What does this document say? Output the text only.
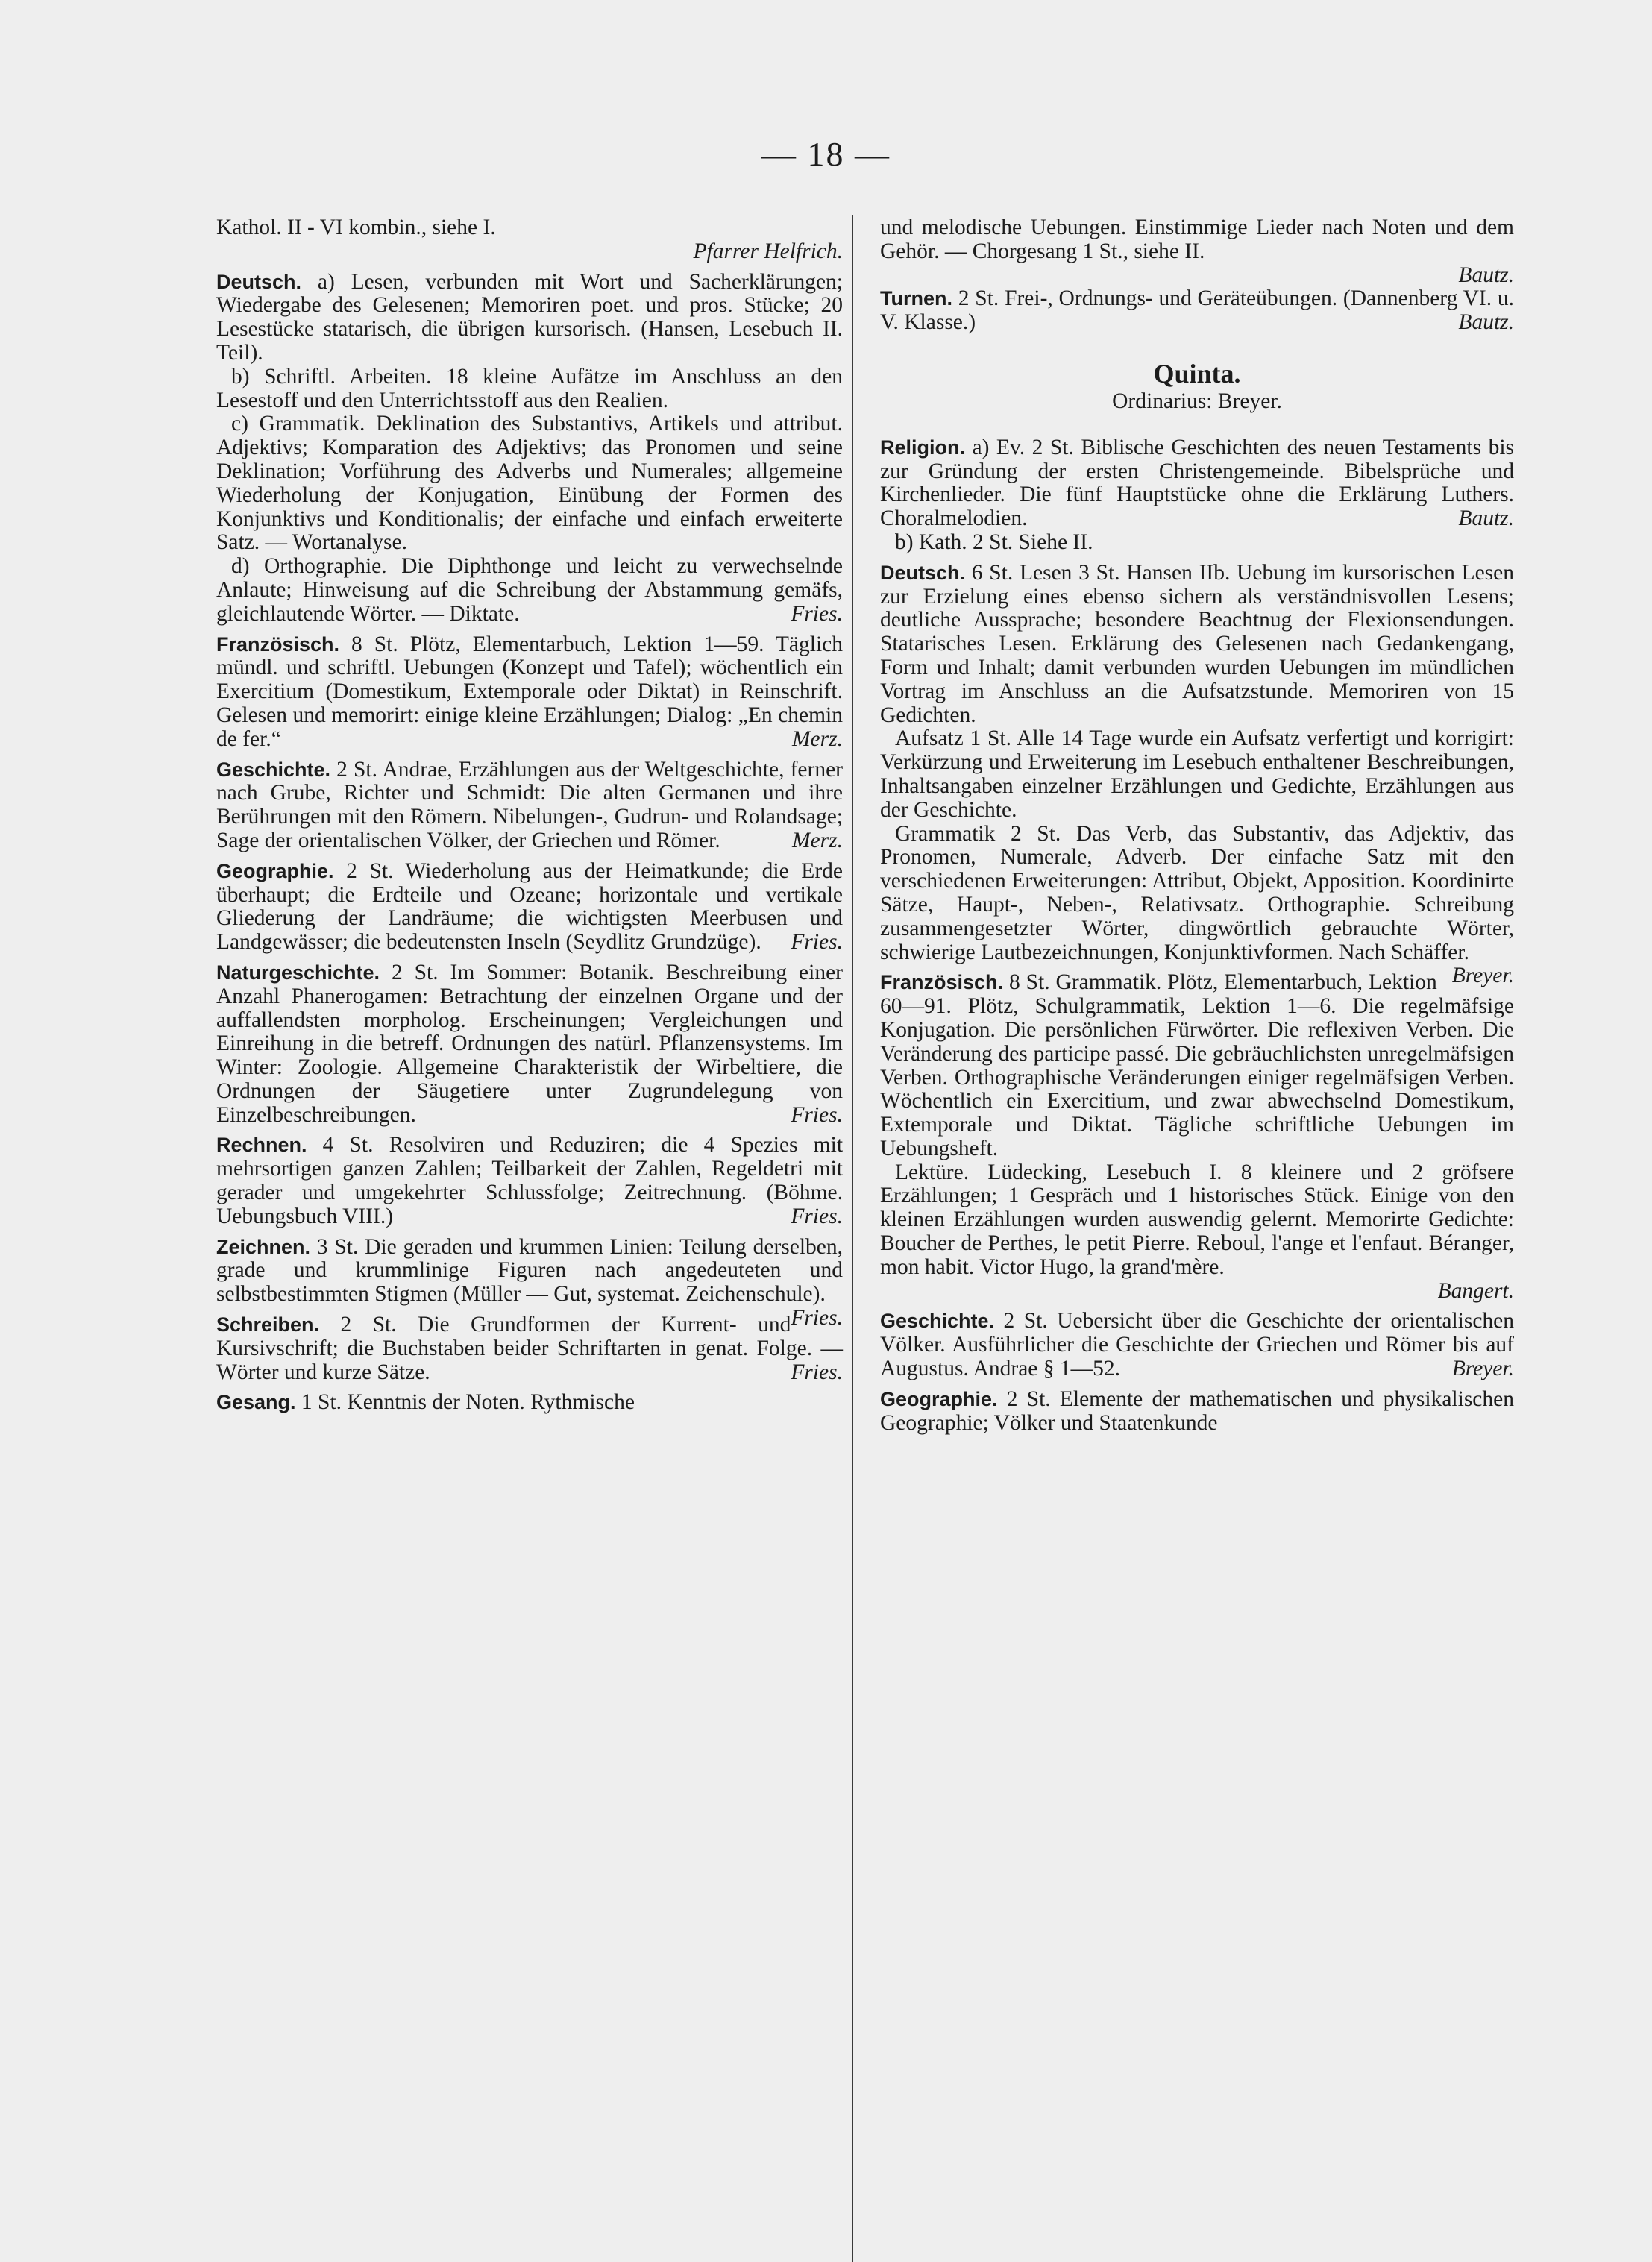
— 18 —

Kathol. II - VI kombin., siehe I.

Pfarrer Helfrich.

Deutsch. a) Lesen, verbunden mit Wort und Sacherklärungen; Wiedergabe des Gelesenen; Memoriren poet. und pros. Stücke; 20 Lesestücke statarisch, die übrigen kursorisch. (Hansen, Lesebuch II. Teil).

b) Schriftl. Arbeiten. 18 kleine Aufätze im Anschluss an den Lesestoff und den Unterrichtsstoff aus den Realien.

c) Grammatik. Deklination des Substantivs, Artikels und attribut. Adjektivs; Komparation des Adjektivs; das Pronomen und seine Deklination; Vorführung des Adverbs und Numerales; allgemeine Wiederholung der Konjugation, Einübung der Formen des Konjunktivs und Konditionalis; der einfache und einfach erweiterte Satz. — Wortanalyse.

d) Orthographie. Die Diphthonge und leicht zu verwechselnde Anlaute; Hinweisung auf die Schreibung der Abstammung gemäfs, gleichlautende Wörter. — Diktate.	Fries.

Französisch. 8 St. Plötz, Elementarbuch, Lektion 1—59. Täglich mündl. und schriftl. Uebungen (Konzept und Tafel); wöchentlich ein Exercitium (Domestikum, Extemporale oder Diktat) in Reinschrift. Gelesen und memorirt: einige kleine Erzählungen; Dialog: „En chemin de fer.“	Merz.

Geschichte. 2 St. Andrae, Erzählungen aus der Weltgeschichte, ferner nach Grube, Richter und Schmidt: Die alten Germanen und ihre Berührungen mit den Römern. Nibelungen-, Gudrun- und Rolandsage; Sage der orientalischen Völker, der Griechen und Römer.	Merz.

Geographie. 2 St. Wiederholung aus der Heimatkunde; die Erde überhaupt; die Erdteile und Ozeane; horizontale und vertikale Gliederung der Landräume; die wichtigsten Meerbusen und Landgewässer; die bedeutensten Inseln (Seydlitz Grundzüge). Fries.

Naturgeschichte. 2 St. Im Sommer: Botanik. Beschreibung einer Anzahl Phanerogamen: Betrachtung der einzelnen Organe und der auffallendsten morpholog. Erscheinungen; Vergleichungen und Einreihung in die betreff. Ordnungen des natürl. Pflanzensystems. Im Winter: Zoologie. Allgemeine Charakteristik der Wirbeltiere, die Ordnungen der Säugetiere unter Zugrundelegung von Einzelbeschreibungen.	Fries.

Rechnen. 4 St. Resolviren und Reduziren; die 4 Spezies mit mehrsortigen ganzen Zahlen; Teilbarkeit der Zahlen, Regeldetri mit gerader und umgekehrter Schlussfolge; Zeitrechnung. (Böhme. Uebungsbuch VIII.)	Fries.

Zeichnen. 3 St. Die geraden und krummen Linien: Teilung derselben, grade und krummlinige Figuren nach angedeuteten und selbstbestimmten Stigmen (Müller — Gut, systemat. Zeichenschule).
Fries.

Schreiben. 2 St. Die Grundformen der Kurrent- und Kursivschrift; die Buchstaben beider Schriftarten in genat. Folge. — Wörter und kurze Sätze.	Fries.

Gesang. 1 St. Kenntnis der Noten. Rythmische

und melodische Uebungen. Einstimmige Lieder nach Noten und dem Gehör. — Chorgesang 1 St., siehe II.

Bautz.

Turnen. 2 St. Frei-, Ordnungs- und Geräteübungen. (Dannenberg VI. u. V. Klasse.)	Bautz.

Quinta.
Ordinarius: Breyer.

Religion. a) Ev. 2 St. Biblische Geschichten des neuen Testaments bis zur Gründung der ersten Christengemeinde. Bibelsprüche und Kirchenlieder. Die fünf Hauptstücke ohne die Erklärung Luthers. Choralmelodien.	Bautz.

b) Kath. 2 St. Siehe II.

Deutsch. 6 St. Lesen 3 St. Hansen IIb. Uebung im kursorischen Lesen zur Erzielung eines ebenso sichern als verständnisvollen Lesens; deutliche Aussprache; besondere Beachtnug der Flexionsendungen. Statarisches Lesen. Erklärung des Gelesenen nach Gedankengang, Form und Inhalt; damit verbunden wurden Uebungen im mündlichen Vortrag im Anschluss an die Aufsatzstunde. Memoriren von 15 Gedichten.

Aufsatz 1 St. Alle 14 Tage wurde ein Aufsatz verfertigt und korrigirt: Verkürzung und Erweiterung im Lesebuch enthaltener Beschreibungen, Inhaltsangaben einzelner Erzählungen und Gedichte, Erzählungen aus der Geschichte.

Grammatik 2 St. Das Verb, das Substantiv, das Adjektiv, das Pronomen, Numerale, Adverb. Der einfache Satz mit den verschiedenen Erweiterungen: Attribut, Objekt, Apposition. Koordinirte Sätze, Haupt-, Neben-, Relativsatz. Orthographie. Schreibung zusammengesetzter Wörter, dingwörtlich gebrauchte Wörter, schwierige Lautbezeichnungen, Konjunktivformen. Nach Schäffer.
Breyer.

Französisch. 8 St. Grammatik. Plötz, Elementarbuch, Lektion 60—91. Plötz, Schulgrammatik, Lektion 1—6. Die regelmäfsige Konjugation. Die persönlichen Fürwörter. Die reflexiven Verben. Die Veränderung des participe passé. Die gebräuchlichsten unregelmäfsigen Verben. Orthographische Veränderungen einiger regelmäfsigen Verben. Wöchentlich ein Exercitium, und zwar abwechselnd Domestikum, Extemporale und Diktat. Tägliche schriftliche Uebungen im Uebungsheft.

Lektüre. Lüdecking, Lesebuch I. 8 kleinere und 2 gröfsere Erzählungen; 1 Gespräch und 1 historisches Stück. Einige von den kleinen Erzählungen wurden auswendig gelernt. Memorirte Gedichte: Boucher de Perthes, le petit Pierre. Reboul, l'ange et l'enfaut. Béranger, mon habit. Victor Hugo, la grand'mère.

Bangert.

Geschichte. 2 St. Uebersicht über die Geschichte der orientalischen Völker. Ausführlicher die Geschichte der Griechen und Römer bis auf Augustus. Andrae § 1—52.	Breyer.

Geographie. 2 St. Elemente der mathematischen und physikalischen Geographie; Völker und Staatenkunde
